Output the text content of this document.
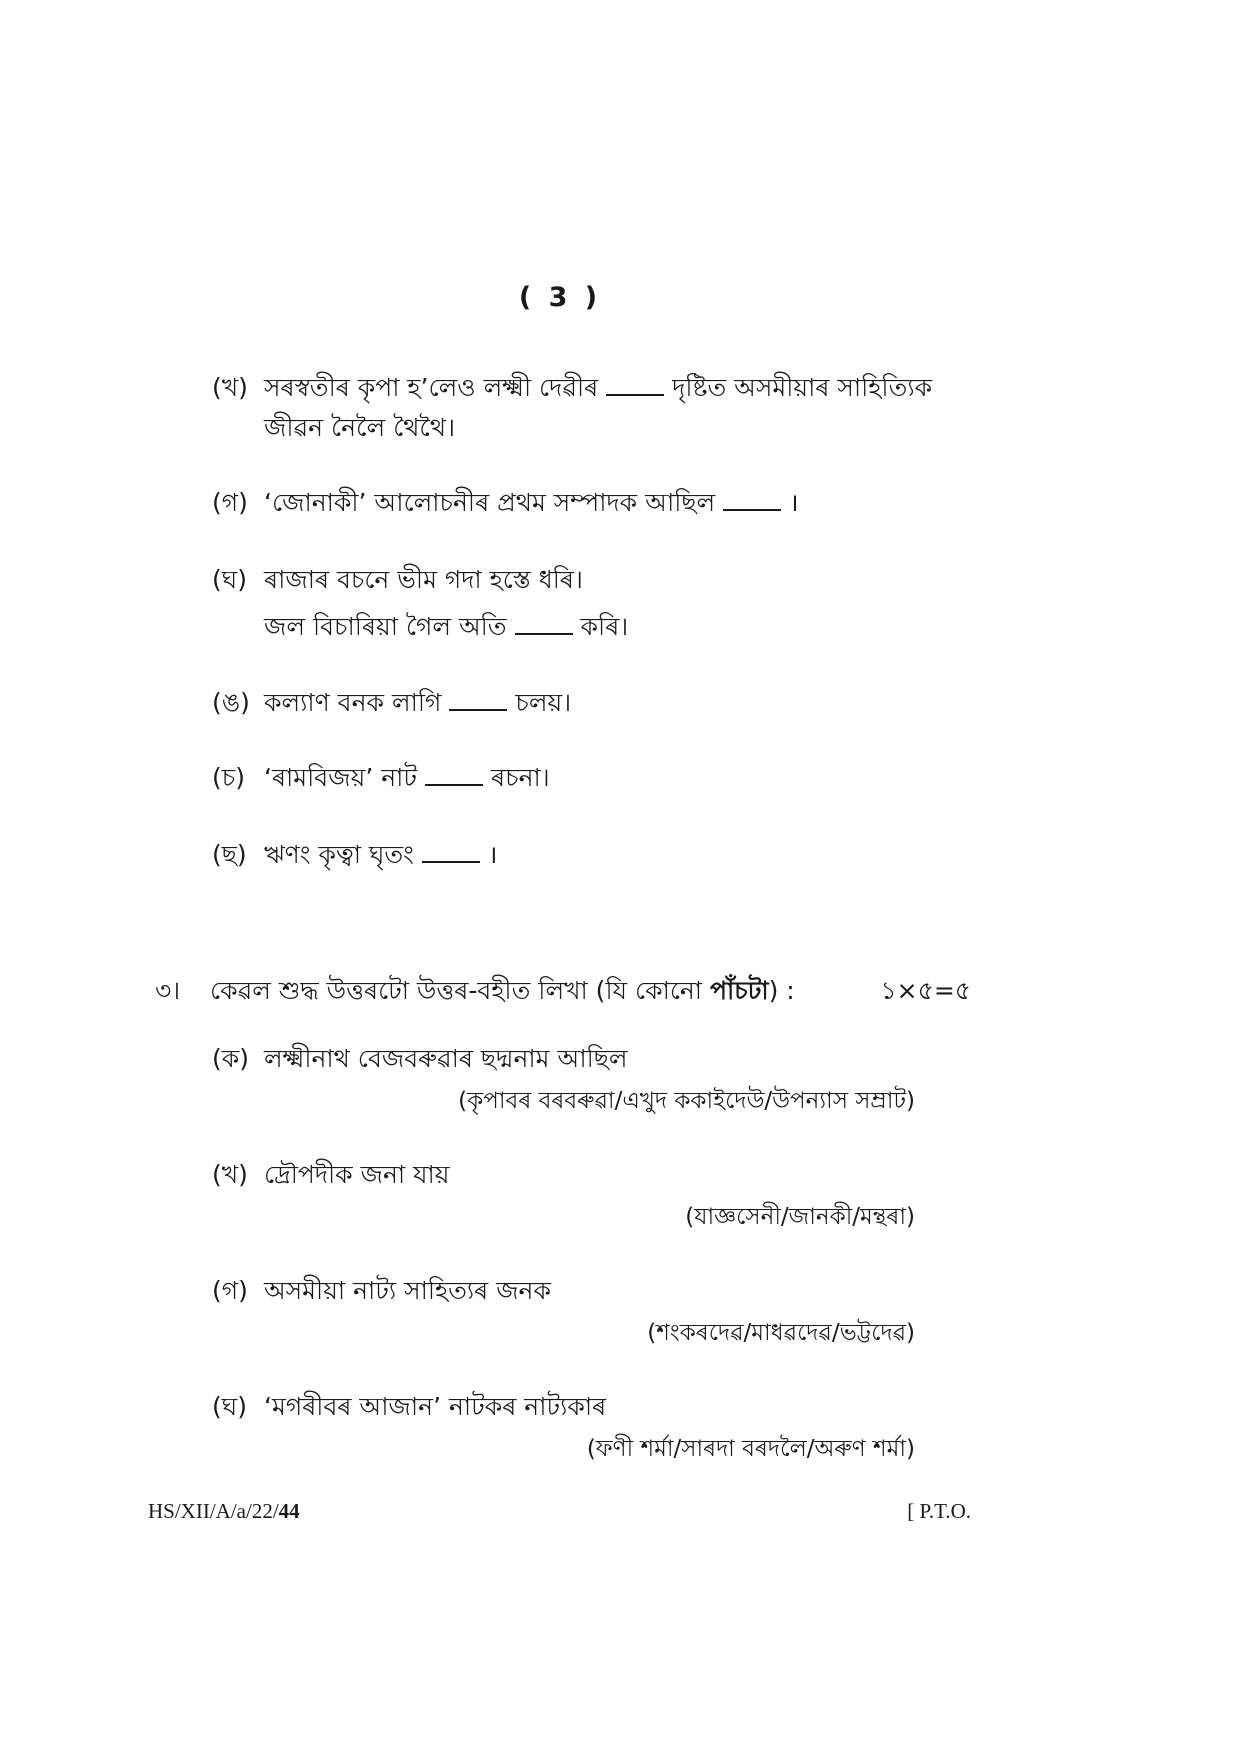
( 3 )
(খ) সৰস্বতীৰ কৃপা হ’লেও লক্ষ্মী দেৱীৰ	দৃষ্টিত অসমীয়াৰ সাহিত্যিক
জীৱন নৈলৈ থৈথৈ।
(গ) ‘জোনাকী’ আলোচনীৰ প্ৰথম সম্পাদক আছিল	।
(ঘ) ৰাজাৰ বচনে ভীম গদা হস্তে ধৰি।
জল বিচাৰিয়া গৈল অতি	কৰি।
(ঙ) কল্যাণ বনক লাগি	চলয়।
(চ) ‘ৰামবিজয়’ নাট	ৰচনা।
(ছ) ঋণং কৃত্বা ঘৃতং	।
৩। কেৱল শুদ্ধ উত্তৰটো উত্তৰ-বহীত লিখা (যি কোনো পাঁচটা) :	১×৫=৫
(ক) লক্ষ্মীনাথ বেজবৰুৱাৰ ছদ্মনাম আছিল
(কৃপাবৰ বৰবৰুৱা/এখুদ ককাইদেউ/উপন্যাস সম্ৰাট)
(খ) দ্ৰৌপদীক জনা যায়
(যাজ্ঞসেনী/জানকী/মন্থৰা)
(গ) অসমীয়া নাট্য সাহিত্যৰ জনক
(শংকৰদেৱ/মাধৱদেৱ/ভট্টদেৱ)
(ঘ) ‘মগৰীবৰ আজান’ নাটকৰ নাট্যকাৰ
(ফণী শৰ্মা/সাৰদা বৰদলৈ/অৰুণ শৰ্মা)
HS/XII/A/a/22/44	[ P.T.O.
